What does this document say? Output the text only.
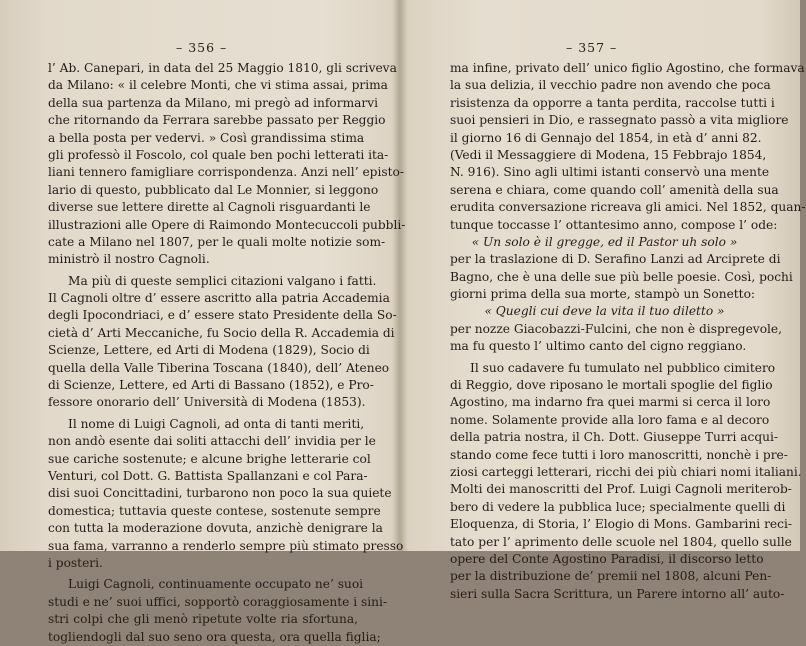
– 356 –
l’ Ab. Canepari, in data del 25 Maggio 1810, gli scriveva
da Milano: « il celebre Monti, che vi stima assai, prima
della sua partenza da Milano, mi pregò ad informarvi
che ritornando da Ferrara sarebbe passato per Reggio
a bella posta per vedervi. » Così grandissima stima
gli professò il Foscolo, col quale ben pochi letterati ita-
liani tennero famigliare corrispondenza. Anzi nell’ episto-
lario di questo, pubblicato dal Le Monnier, si leggono
diverse sue lettere dirette al Cagnoli risguardanti le
illustrazioni alle Opere di Raimondo Montecuccoli pubbli-
cate a Milano nel 1807, per le quali molte notizie som-
ministrò il nostro Cagnoli.
Ma più di queste semplici citazioni valgano i fatti.
Il Cagnoli oltre d’ essere ascritto alla patria Accademia
degli Ipocondriaci, e d’ essere stato Presidente della So-
cietà d’ Arti Meccaniche, fu Socio della R. Accademia di
Scienze, Lettere, ed Arti di Modena (1829), Socio di
quella della Valle Tiberina Toscana (1840), dell’ Ateneo
di Scienze, Lettere, ed Arti di Bassano (1852), e Pro-
fessore onorario dell’ Università di Modena (1853).
Il nome di Luigi Cagnoli, ad onta di tanti meriti,
non andò esente dai soliti attacchi dell’ invidia per le
sue cariche sostenute; e alcune brighe letterarie col
Venturi, col Dott. G. Battista Spallanzani e col Para-
disi suoi Concittadini, turbarono non poco la sua quiete
domestica; tuttavia queste contese, sostenute sempre
con tutta la moderazione dovuta, anzichè denigrare la
sua fama, varranno a renderlo sempre più stimato presso
i posteri.
Luigi Cagnoli, continuamente occupato ne’ suoi
studi e ne’ suoi uffici, sopportò coraggiosamente i sini-
stri colpi che gli menò ripetute volte ria sfortuna,
togliendogli dal suo seno ora questa, ora quella figlia;
– 357 –
ma infine, privato dell’ unico figlio Agostino, che formava
la sua delizia, il vecchio padre non avendo che poca
risistenza da opporre a tanta perdita, raccolse tutti i
suoi pensieri in Dio, e rassegnato passò a vita migliore
il giorno 16 di Gennajo del 1854, in età d’ anni 82.
(Vedi il Messaggiere di Modena, 15 Febbrajo 1854,
N. 916). Sino agli ultimi istanti conservò una mente
serena e chiara, come quando coll’ amenità della sua
erudita conversazione ricreava gli amici. Nel 1852, quan-
tunque toccasse l’ ottantesimo anno, compose l’ ode:
« Un solo è il gregge, ed il Pastor uh solo »
per la traslazione di D. Serafino Lanzi ad Arciprete di
Bagno, che è una delle sue più belle poesie. Così, pochi
giorni prima della sua morte, stampò un Sonetto:
« Quegli cui deve la vita il tuo diletto »
per nozze Giacobazzi-Fulcini, che non è dispregevole,
ma fu questo l’ ultimo canto del cigno reggiano.
Il suo cadavere fu tumulato nel pubblico cimitero
di Reggio, dove riposano le mortali spoglie del figlio
Agostino, ma indarno fra quei marmi si cerca il loro
nome. Solamente provide alla loro fama e al decoro
della patria nostra, il Ch. Dott. Giuseppe Turri acqui-
stando come fece tutti i loro manoscritti, nonchè i pre-
ziosi carteggi letterari, ricchi dei più chiari nomi italiani.
Molti dei manoscritti del Prof. Luigi Cagnoli meriterob-
bero di vedere la pubblica luce; specialmente quelli di
Eloquenza, di Storia, l’ Elogio di Mons. Gambarini reci-
tato per l’ aprimento delle scuole nel 1804, quello sulle
opere del Conte Agostino Paradisi, il discorso letto
per la distribuzione de’ premii nel 1808, alcuni Pen-
sieri sulla Sacra Scrittura, un Parere intorno all’ auto-
